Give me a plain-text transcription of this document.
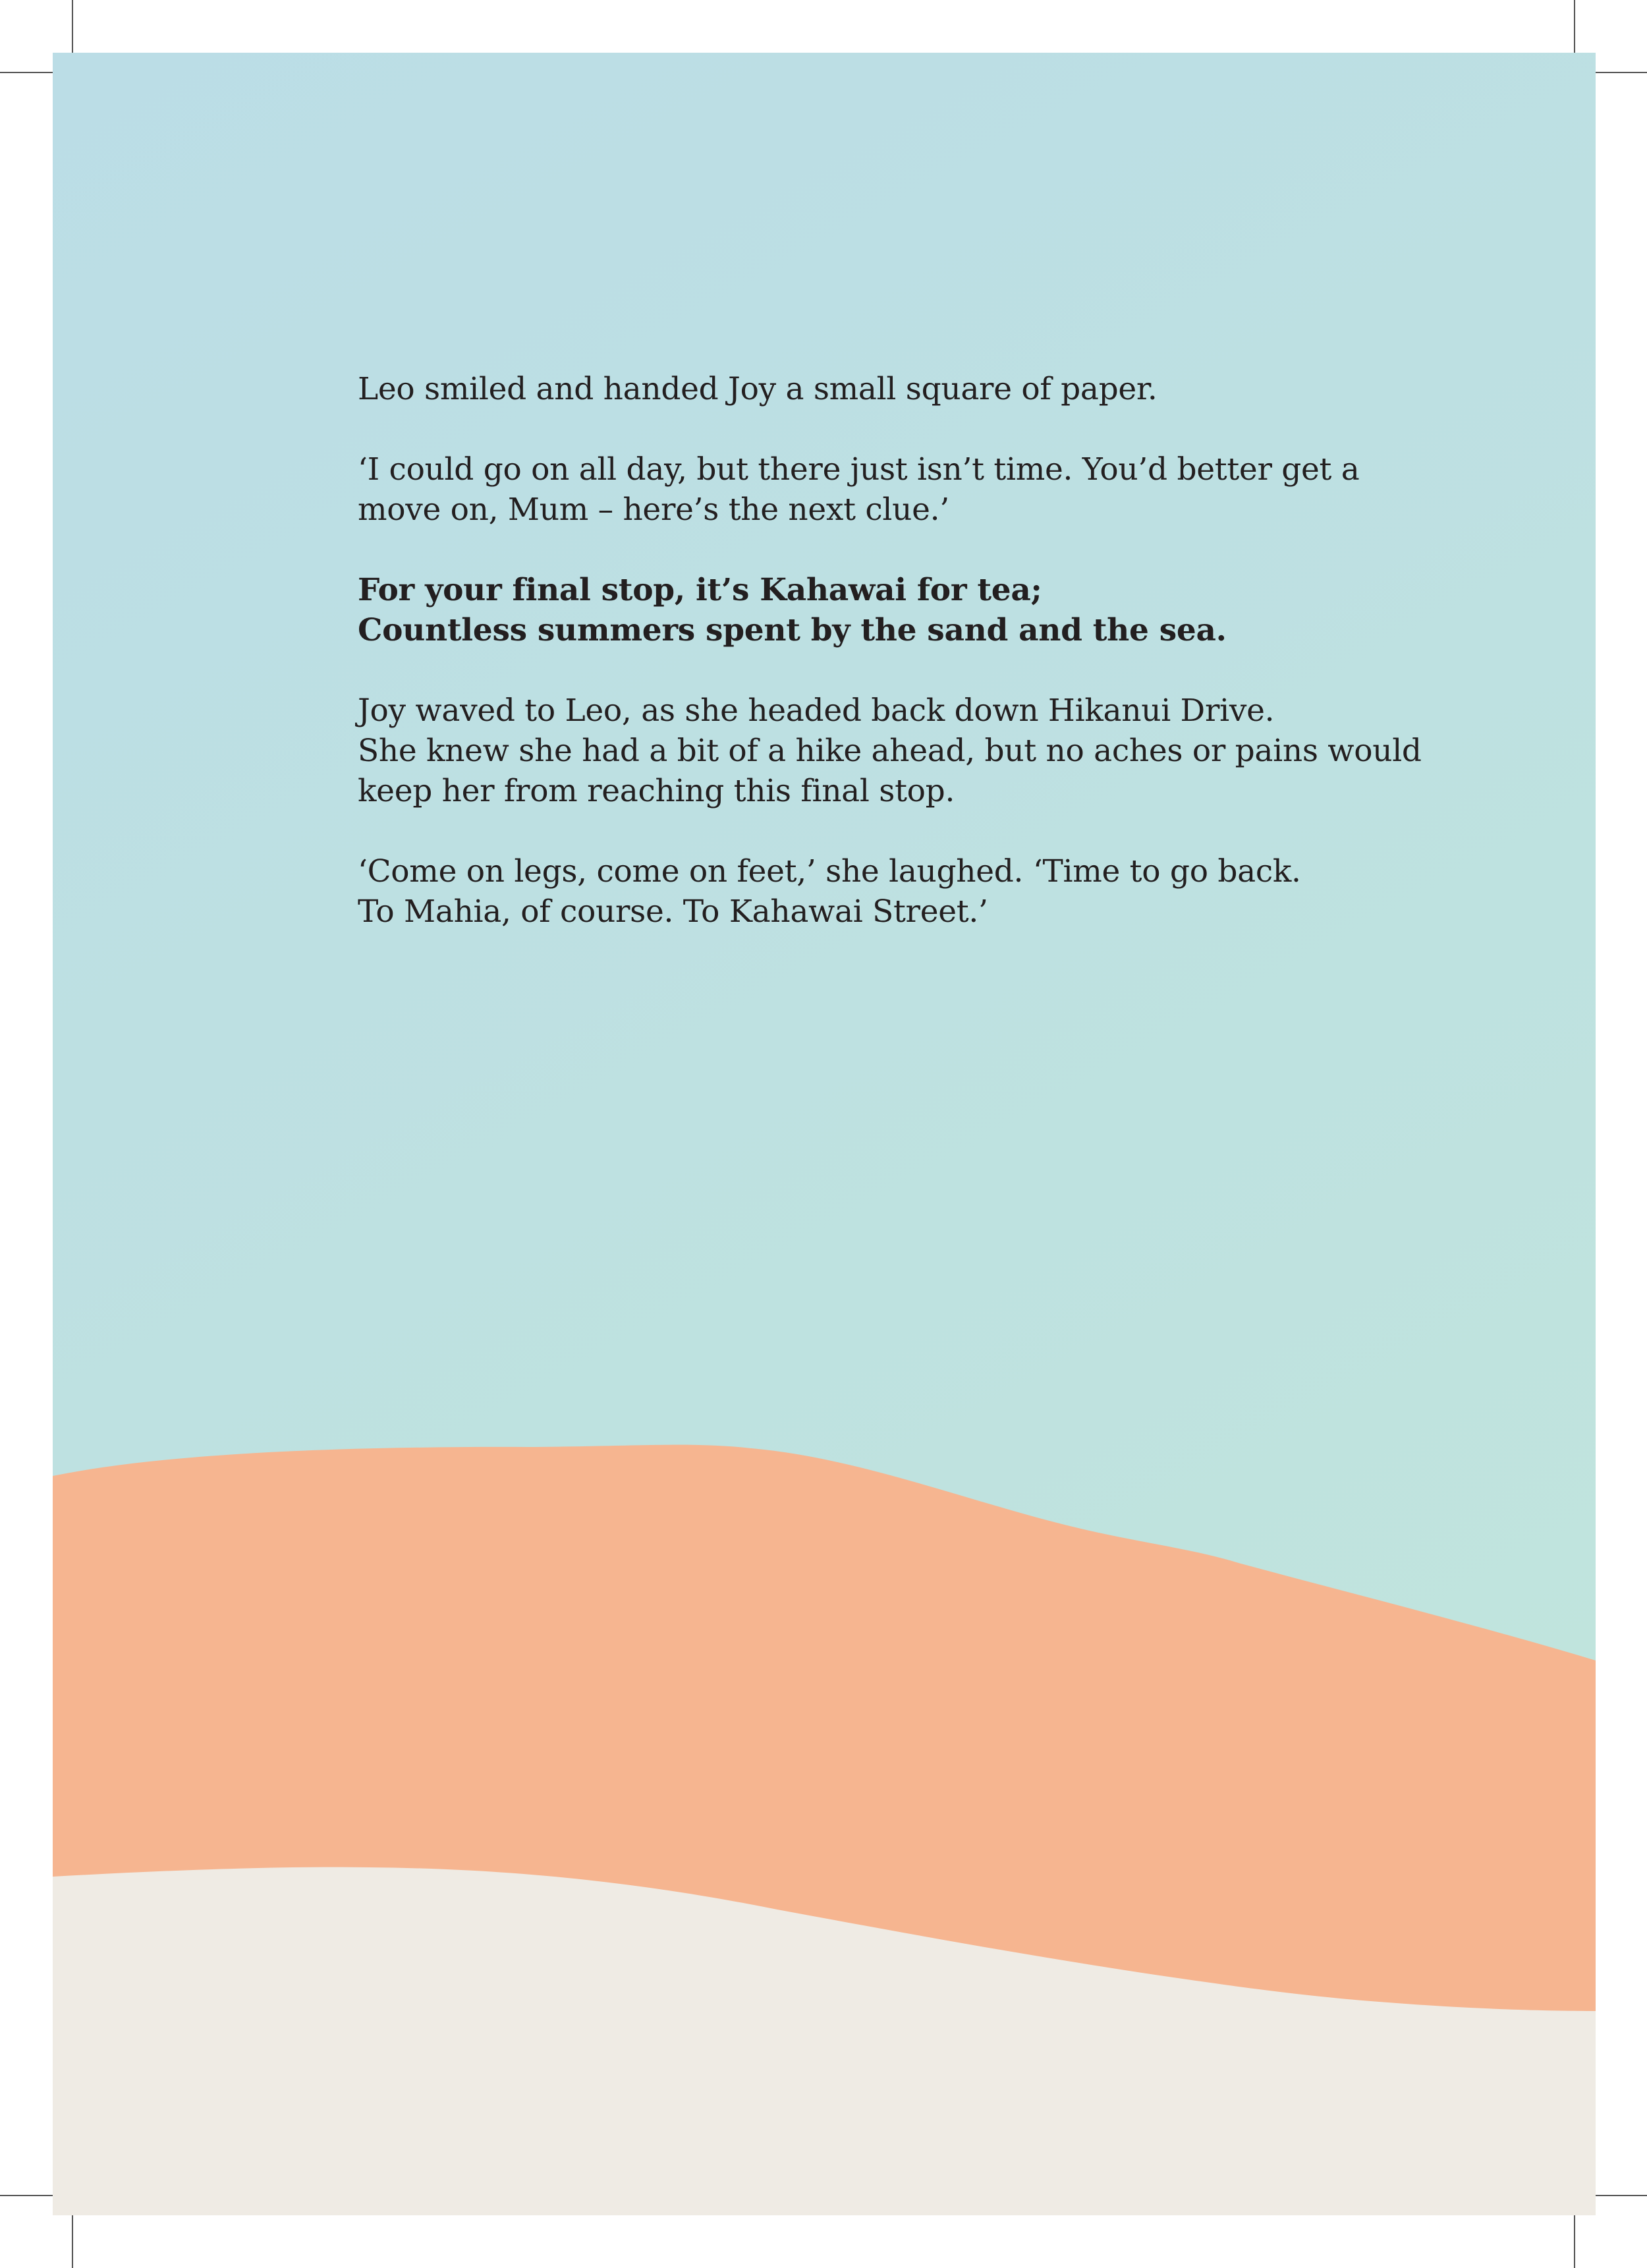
Leo smiled and handed Joy a small square of paper.

‘I could go on all day, but there just isn’t time. You’d better get a
move on, Mum – here’s the next clue.’

For your final stop, it’s Kahawai for tea;
Countless summers spent by the sand and the sea.

Joy waved to Leo, as she headed back down Hikanui Drive.
She knew she had a bit of a hike ahead, but no aches or pains would
keep her from reaching this final stop.

‘Come on legs, come on feet,’ she laughed. ‘Time to go back.
To Mahia, of course. To Kahawai Street.’
